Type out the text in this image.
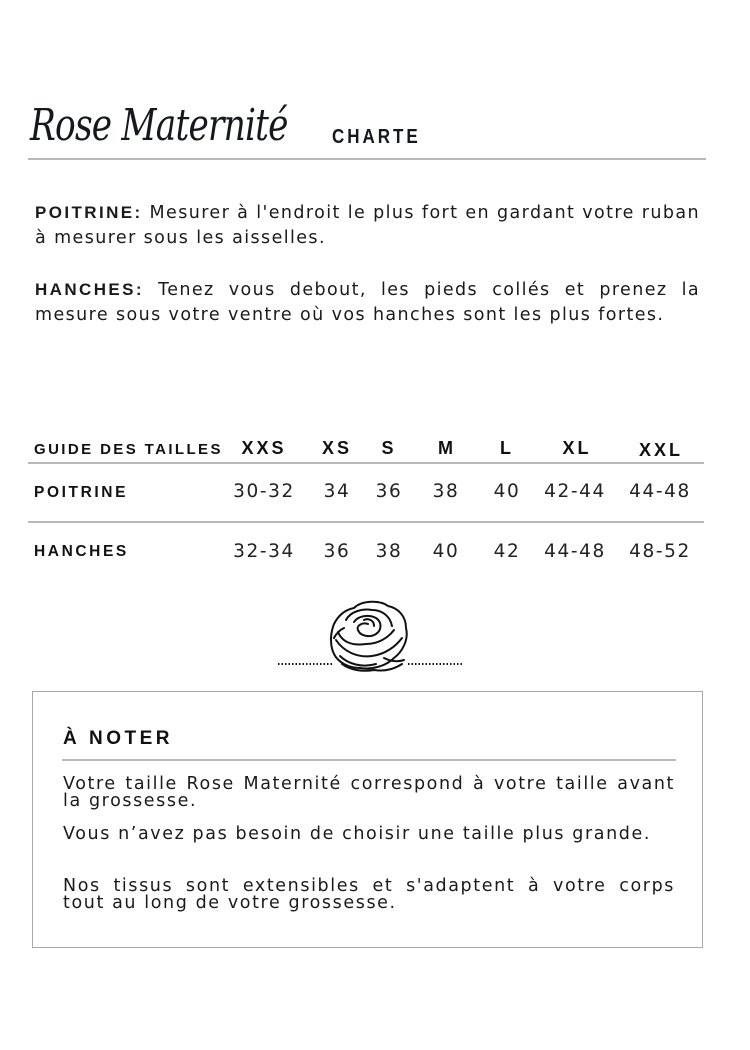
Rose Maternité CHARTE
POITRINE: Mesurer à l'endroit le plus fort en gardant votre ruban à mesurer sous les aisselles.
HANCHES: Tenez vous debout, les pieds collés et prenez la mesure sous votre ventre où vos hanches sont les plus fortes.
GUIDE DES TAILLES	XXS	XS	S	M	L	XL	XXL
POITRINE	30-32	34	36	38	40	42-44	44-48
HANCHES	32-34	36	38	40	42	44-48	48-52
À NOTER
Votre taille Rose Maternité correspond à votre taille avant la grossesse.
Vous n’avez pas besoin de choisir une taille plus grande.
Nos tissus sont extensibles et s'adaptent à votre corps tout au long de votre grossesse.
